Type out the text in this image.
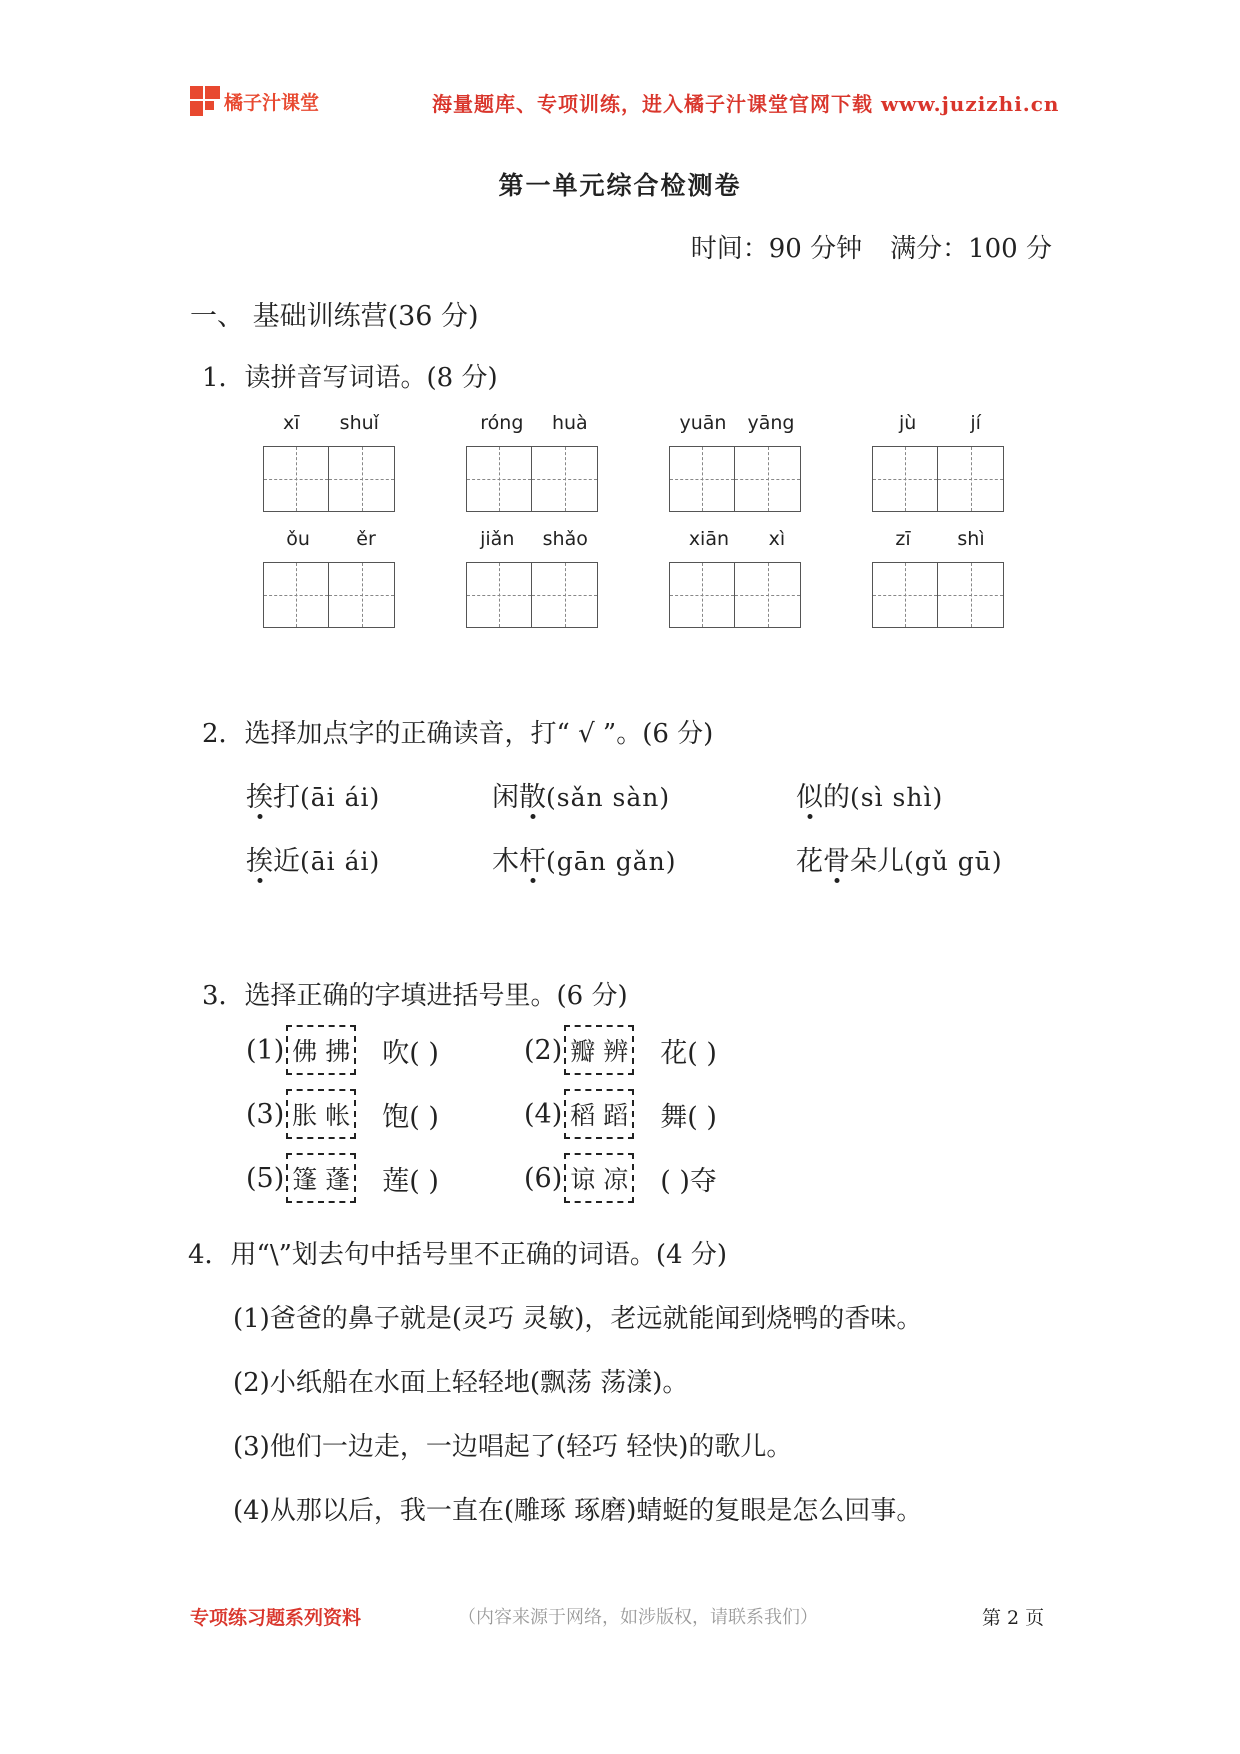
橘子汁课堂	海量题库、专项训练，进入橘子汁课堂官网下载 www.juzizhi.cn
第一单元综合检测卷
时间：90 分钟 满分：100 分
一、 基础训练营(36 分)
1．读拼音写词语。(8 分)
xī shuǐ	róng huà	yuān yāng	jù	jí
ǒu ěr	jiǎn shǎo	xiān xì	zī shì
2．选择加点字的正确读音，打“ √ ”。(6 分)
挨打(āi ái)	闲散(sǎn sàn)	似的(sì shì)
挨近(āi ái)	木杆(gān gǎn)	花骨朵儿(gǔ gū)
3．选择正确的字填进括号里。(6 分)
(1) 佛 拂 吹( )	(2) 瓣 辨 花( )
(3) 胀 帐 饱( )	(4) 稻 蹈 舞( )
(5) 篷 蓬 莲( )	(6) 谅 凉 ( )夺
4．用“\”划去句中括号里不正确的词语。(4 分)
(1)爸爸的鼻子就是(灵巧 灵敏)，老远就能闻到烧鸭的香味。
(2)小纸船在水面上轻轻地(飘荡 荡漾)。
(3)他们一边走，一边唱起了(轻巧 轻快)的歌儿。
(4)从那以后，我一直在(雕琢 琢磨)蜻蜓的复眼是怎么回事。
专项练习题系列资料	（内容来源于网络，如涉版权，请联系我们）	第 2 页
